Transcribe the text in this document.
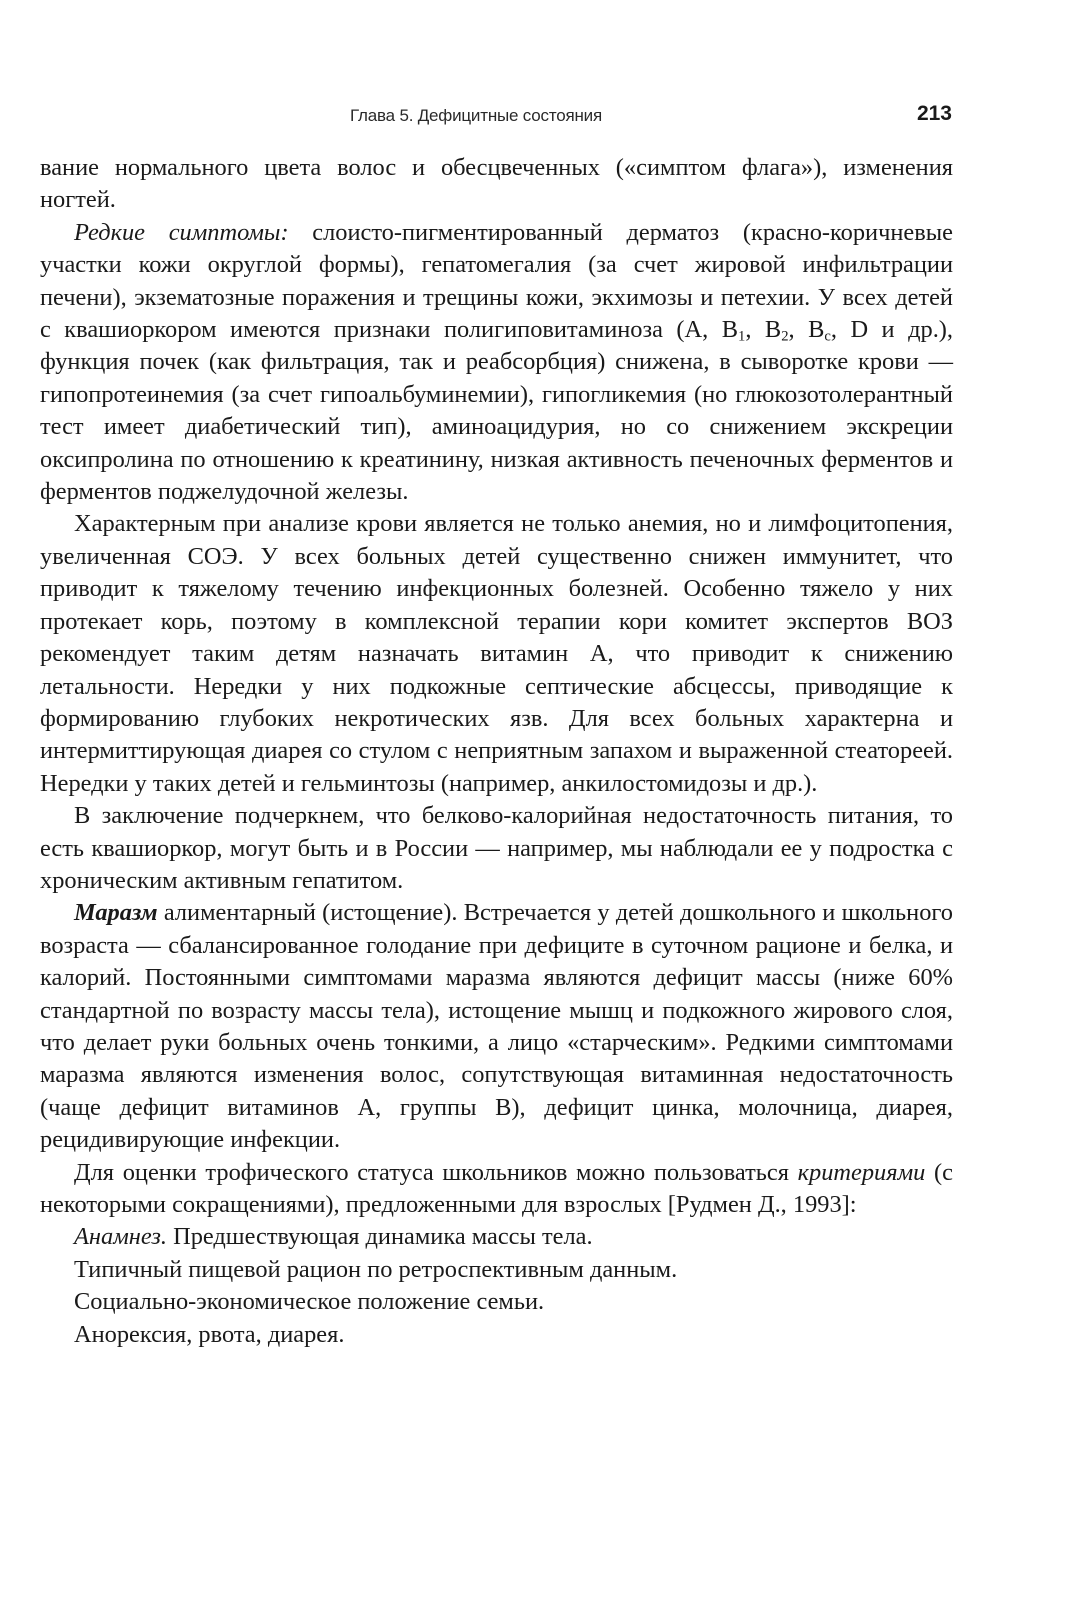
Глава 5. Дефицитные состояния	213

вание нормального цвета волос и обесцвеченных («симптом флага»), изменения ногтей.

Редкие симптомы: слоисто-пигментированный дерматоз (красно-коричневые участки кожи округлой формы), гепатомегалия (за счет жировой инфильтрации печени), экзематозные поражения и трещины кожи, экхимозы и петехии. У всех детей с квашиоркором имеются признаки полигиповитаминоза (А, $В_1$, $В_2$, $В_c$, D и др.), функция почек (как фильтрация, так и реабсорбция) снижена, в сыворотке крови — гипопротеинемия (за счет гипоальбуминемии), гипогликемия (но глюкозотолерантный тест имеет диабетический тип), аминоацидурия, но со снижением экскреции оксипролина по отношению к креатинину, низкая активность печеночных ферментов и ферментов поджелудочной железы.

Характерным при анализе крови является не только анемия, но и лимфоцитопения, увеличенная СОЭ. У всех больных детей существенно снижен иммунитет, что приводит к тяжелому течению инфекционных болезней. Особенно тяжело у них протекает корь, поэтому в комплексной терапии кори комитет экспертов ВОЗ рекомендует таким детям назначать витамин А, что приводит к снижению летальности. Нередки у них подкожные септические абсцессы, приводящие к формированию глубоких некротических язв. Для всех больных характерна и интермиттирующая диарея со стулом с неприятным запахом и выраженной стеатореей. Нередки у таких детей и гельминтозы (например, анкилостомидозы и др.).

В заключение подчеркнем, что белково-калорийная недостаточность питания, то есть квашиоркор, могут быть и в России — например, мы наблюдали ее у подростка с хроническим активным гепатитом.

Маразм алиментарный (истощение). Встречается у детей дошкольного и школьного возраста — сбалансированное голодание при дефиците в суточном рационе и белка, и калорий. Постоянными симптомами маразма являются дефицит массы (ниже 60% стандартной по возрасту массы тела), истощение мышц и подкожного жирового слоя, что делает руки больных очень тонкими, а лицо «старческим». Редкими симптомами маразма являются изменения волос, сопутствующая витаминная недостаточность (чаще дефицит витаминов А, группы В), дефицит цинка, молочница, диарея, рецидивирующие инфекции.

Для оценки трофического статуса школьников можно пользоваться критериями (с некоторыми сокращениями), предложенными для взрослых [Рудмен Д., 1993]:

Анамнез. Предшествующая динамика массы тела.

Типичный пищевой рацион по ретроспективным данным.

Социально-экономическое положение семьи.

Анорексия, рвота, диарея.
